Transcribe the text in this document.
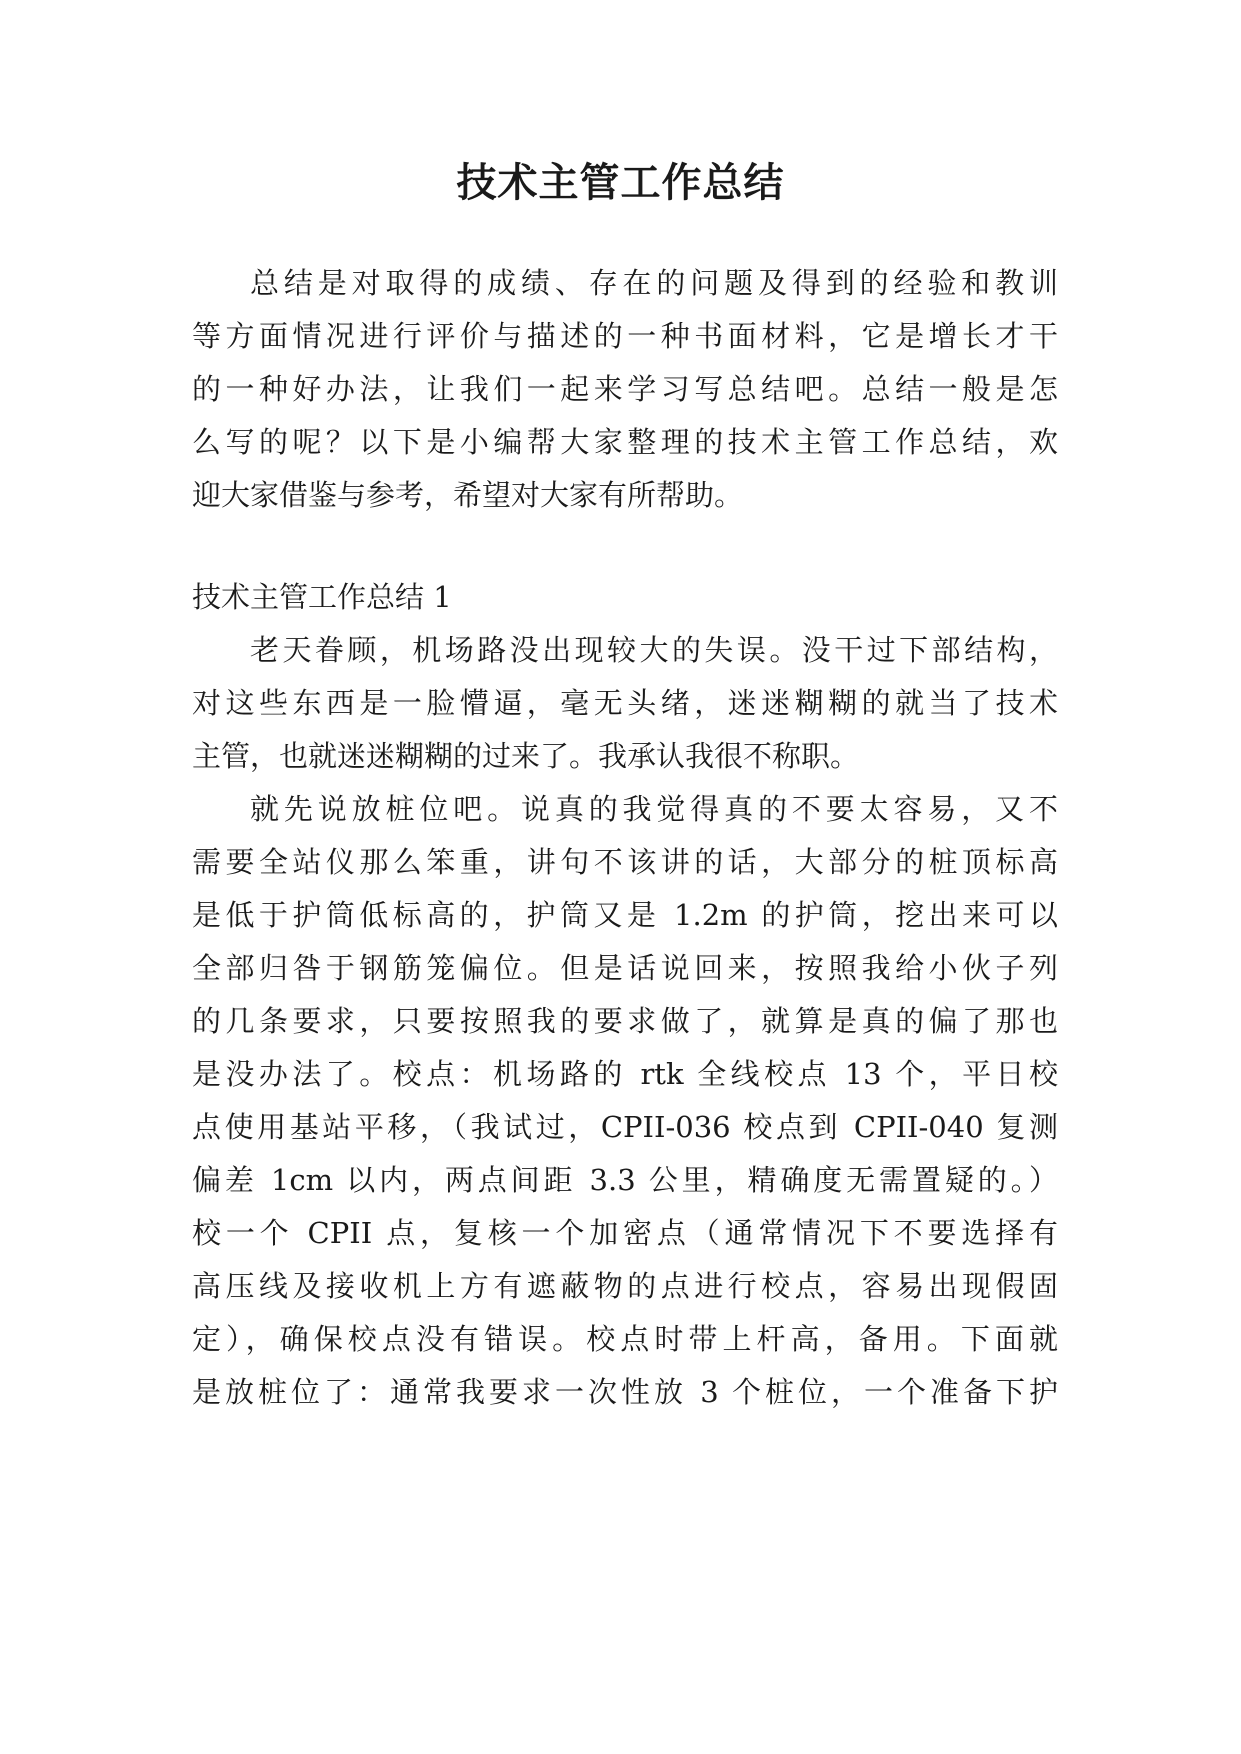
技术主管工作总结
总结是对取得的成绩、存在的问题及得到的经验和教训
等方面情况进行评价与描述的一种书面材料，它是增长才干
的一种好办法，让我们一起来学习写总结吧。总结一般是怎
么写的呢？以下是小编帮大家整理的技术主管工作总结，欢
迎大家借鉴与参考，希望对大家有所帮助。
技术主管工作总结 1
老天眷顾，机场路没出现较大的失误。没干过下部结构，
对这些东西是一脸懵逼，毫无头绪，迷迷糊糊的就当了技术
主管，也就迷迷糊糊的过来了。我承认我很不称职。
就先说放桩位吧。说真的我觉得真的不要太容易，又不
需要全站仪那么笨重，讲句不该讲的话，大部分的桩顶标高
是低于护筒低标高的，护筒又是 1.2m 的护筒，挖出来可以
全部归咎于钢筋笼偏位。但是话说回来，按照我给小伙子列
的几条要求，只要按照我的要求做了，就算是真的偏了那也
是没办法了。校点：机场路的 rtk 全线校点 13 个，平日校
点使用基站平移，（我试过，CPII-036 校点到 CPII-040 复测
偏差 1cm 以内，两点间距 3.3 公里，精确度无需置疑的。）
校一个 CPII 点，复核一个加密点（通常情况下不要选择有
高压线及接收机上方有遮蔽物的点进行校点，容易出现假固
定），确保校点没有错误。校点时带上杆高，备用。下面就
是放桩位了：通常我要求一次性放 3 个桩位，一个准备下护
